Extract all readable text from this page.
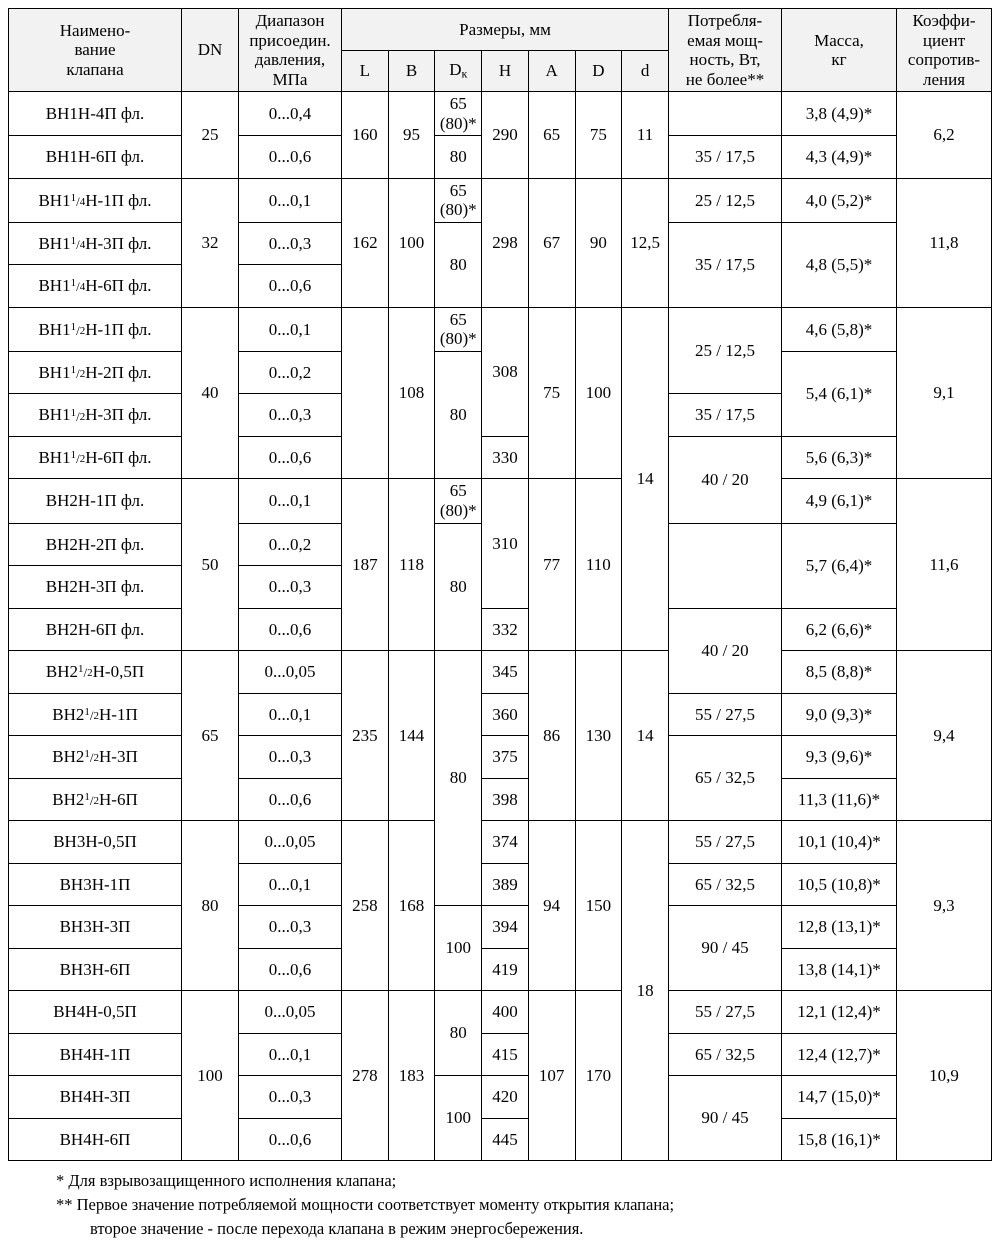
Наимено-
вание
клапана	DN	Диапазон
присоедин.
давления,
МПа	Размеры, мм							Потребля-
емая мощ-
ность, Вт,
не более**	Масса,
кг	Коэффи-
циент
сопротив-
ления
			L	B	Dк	H	A	D	d			
ВН1Н-4П фл.	25	0...0,4	160	95	65 (80)*	290	65	75	11		3,8 (4,9)*	6,2
ВН1Н-6П фл.		0...0,6			80					35 / 17,5	4,3 (4,9)*	
$ВН1^1/_4Н-1П$ фл.	32	0...0,1	162	100	65 (80)*	298	67	90	12,5	25 / 12,5	4,0 (5,2)*	11,8
$ВН1^1/_4Н-3П$ фл.		0...0,3			80					35 / 17,5	4,8 (5,5)*	
$ВН1^1/_4Н-6П$ фл.		0...0,6										
$ВН1^1/_2Н-1П$ фл.	40	0...0,1		108	65 (80)*	308	75	100	14	25 / 12,5	4,6 (5,8)*	9,1
$ВН1^1/_2Н-2П$ фл.		0...0,2			80						5,4 (6,1)*	
$ВН1^1/_2Н-3П$ фл.		0...0,3								35 / 17,5		
$ВН1^1/_2Н-6П$ фл.		0...0,6				330				40 / 20	5,6 (6,3)*	
ВН2Н-1П фл.	50	0...0,1	187	118	65 (80)*	310	77	110			4,9 (6,1)*	11,6
ВН2Н-2П фл.		0...0,2			80						5,7 (6,4)*	
ВН2Н-3П фл.		0...0,3										
ВН2Н-6П фл.		0...0,6				332				40 / 20	6,2 (6,6)*	
$ВН2^1/_2Н-0,5П$	65	0...0,05	235	144	80	345	86	130	14		8,5 (8,8)*	9,4
$ВН2^1/_2Н-1П$		0...0,1				360				55 / 27,5	9,0 (9,3)*	
$ВН2^1/_2Н-3П$		0...0,3				375				65 / 32,5	9,3 (9,6)*	
$ВН2^1/_2Н-6П$		0...0,6				398					11,3 (11,6)*	
ВН3Н-0,5П	80	0...0,05	258	168		374	94	150	18	55 / 27,5	10,1 (10,4)*	9,3
ВН3Н-1П		0...0,1				389				65 / 32,5	10,5 (10,8)*	
ВН3Н-3П		0...0,3			100	394				90 / 45	12,8 (13,1)*	
ВН3Н-6П		0...0,6				419					13,8 (14,1)*	
ВН4Н-0,5П	100	0...0,05	278	183	80	400	107	170		55 / 27,5	12,1 (12,4)*	10,9
ВН4Н-1П		0...0,1				415				65 / 32,5	12,4 (12,7)*	
ВН4Н-3П		0...0,3			100	420				90 / 45	14,7 (15,0)*	
ВН4Н-6П		0...0,6				445					15,8 (16,1)*	
* Для взрывозащищенного исполнения клапана;
** Первое значение потребляемой мощности соответствует моменту открытия клапана;
второе значение - после перехода клапана в режим энергосбережения.
